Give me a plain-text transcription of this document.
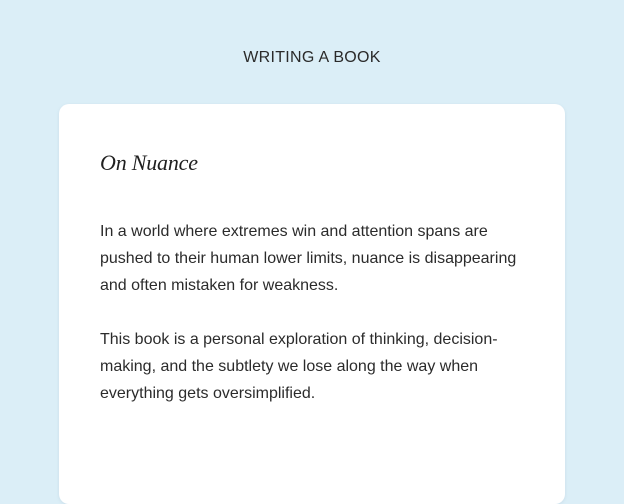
WRITING A BOOK
On Nuance

In a world where extremes win and attention spans are pushed to their human lower limits, nuance is disappearing and often mistaken for weakness.

This book is a personal exploration of thinking, decision-making, and the subtlety we lose along the way when everything gets oversimplified.
